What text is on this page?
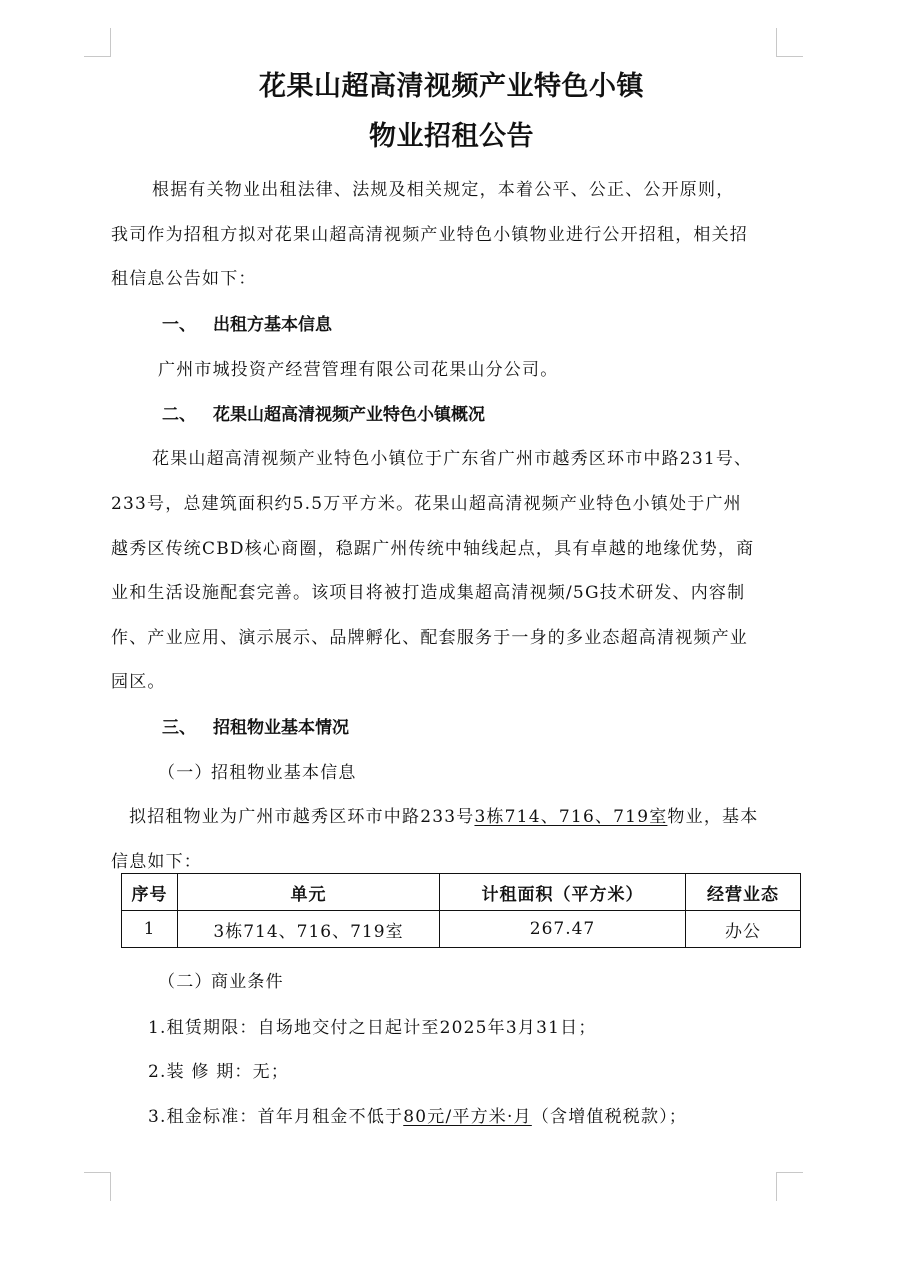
花果山超高清视频产业特色小镇
物业招租公告
根据有关物业出租法律、法规及相关规定，本着公平、公正、公开原则，
我司作为招租方拟对花果山超高清视频产业特色小镇物业进行公开招租，相关招
租信息公告如下：
一、 出租方基本信息
广州市城投资产经营管理有限公司花果山分公司。
二、 花果山超高清视频产业特色小镇概况
花果山超高清视频产业特色小镇位于广东省广州市越秀区环市中路231号、
233号，总建筑面积约5.5万平方米。花果山超高清视频产业特色小镇处于广州
越秀区传统CBD核心商圈，稳踞广州传统中轴线起点，具有卓越的地缘优势，商
业和生活设施配套完善。该项目将被打造成集超高清视频/5G技术研发、内容制
作、产业应用、演示展示、品牌孵化、配套服务于一身的多业态超高清视频产业
园区。
三、 招租物业基本情况
（一）招租物业基本信息
拟招租物业为广州市越秀区环市中路233号3栋714、716、719室物业，基本
信息如下：
序号	单元	计租面积（平方米）	经营业态
1	3栋714、716、719室	267.47	办公
（二）商业条件
1.租赁期限：自场地交付之日起计至2025年3月31日；
2.装 修 期：无；
3.租金标准：首年月租金不低于80元/平方米·月（含增值税税款）；
